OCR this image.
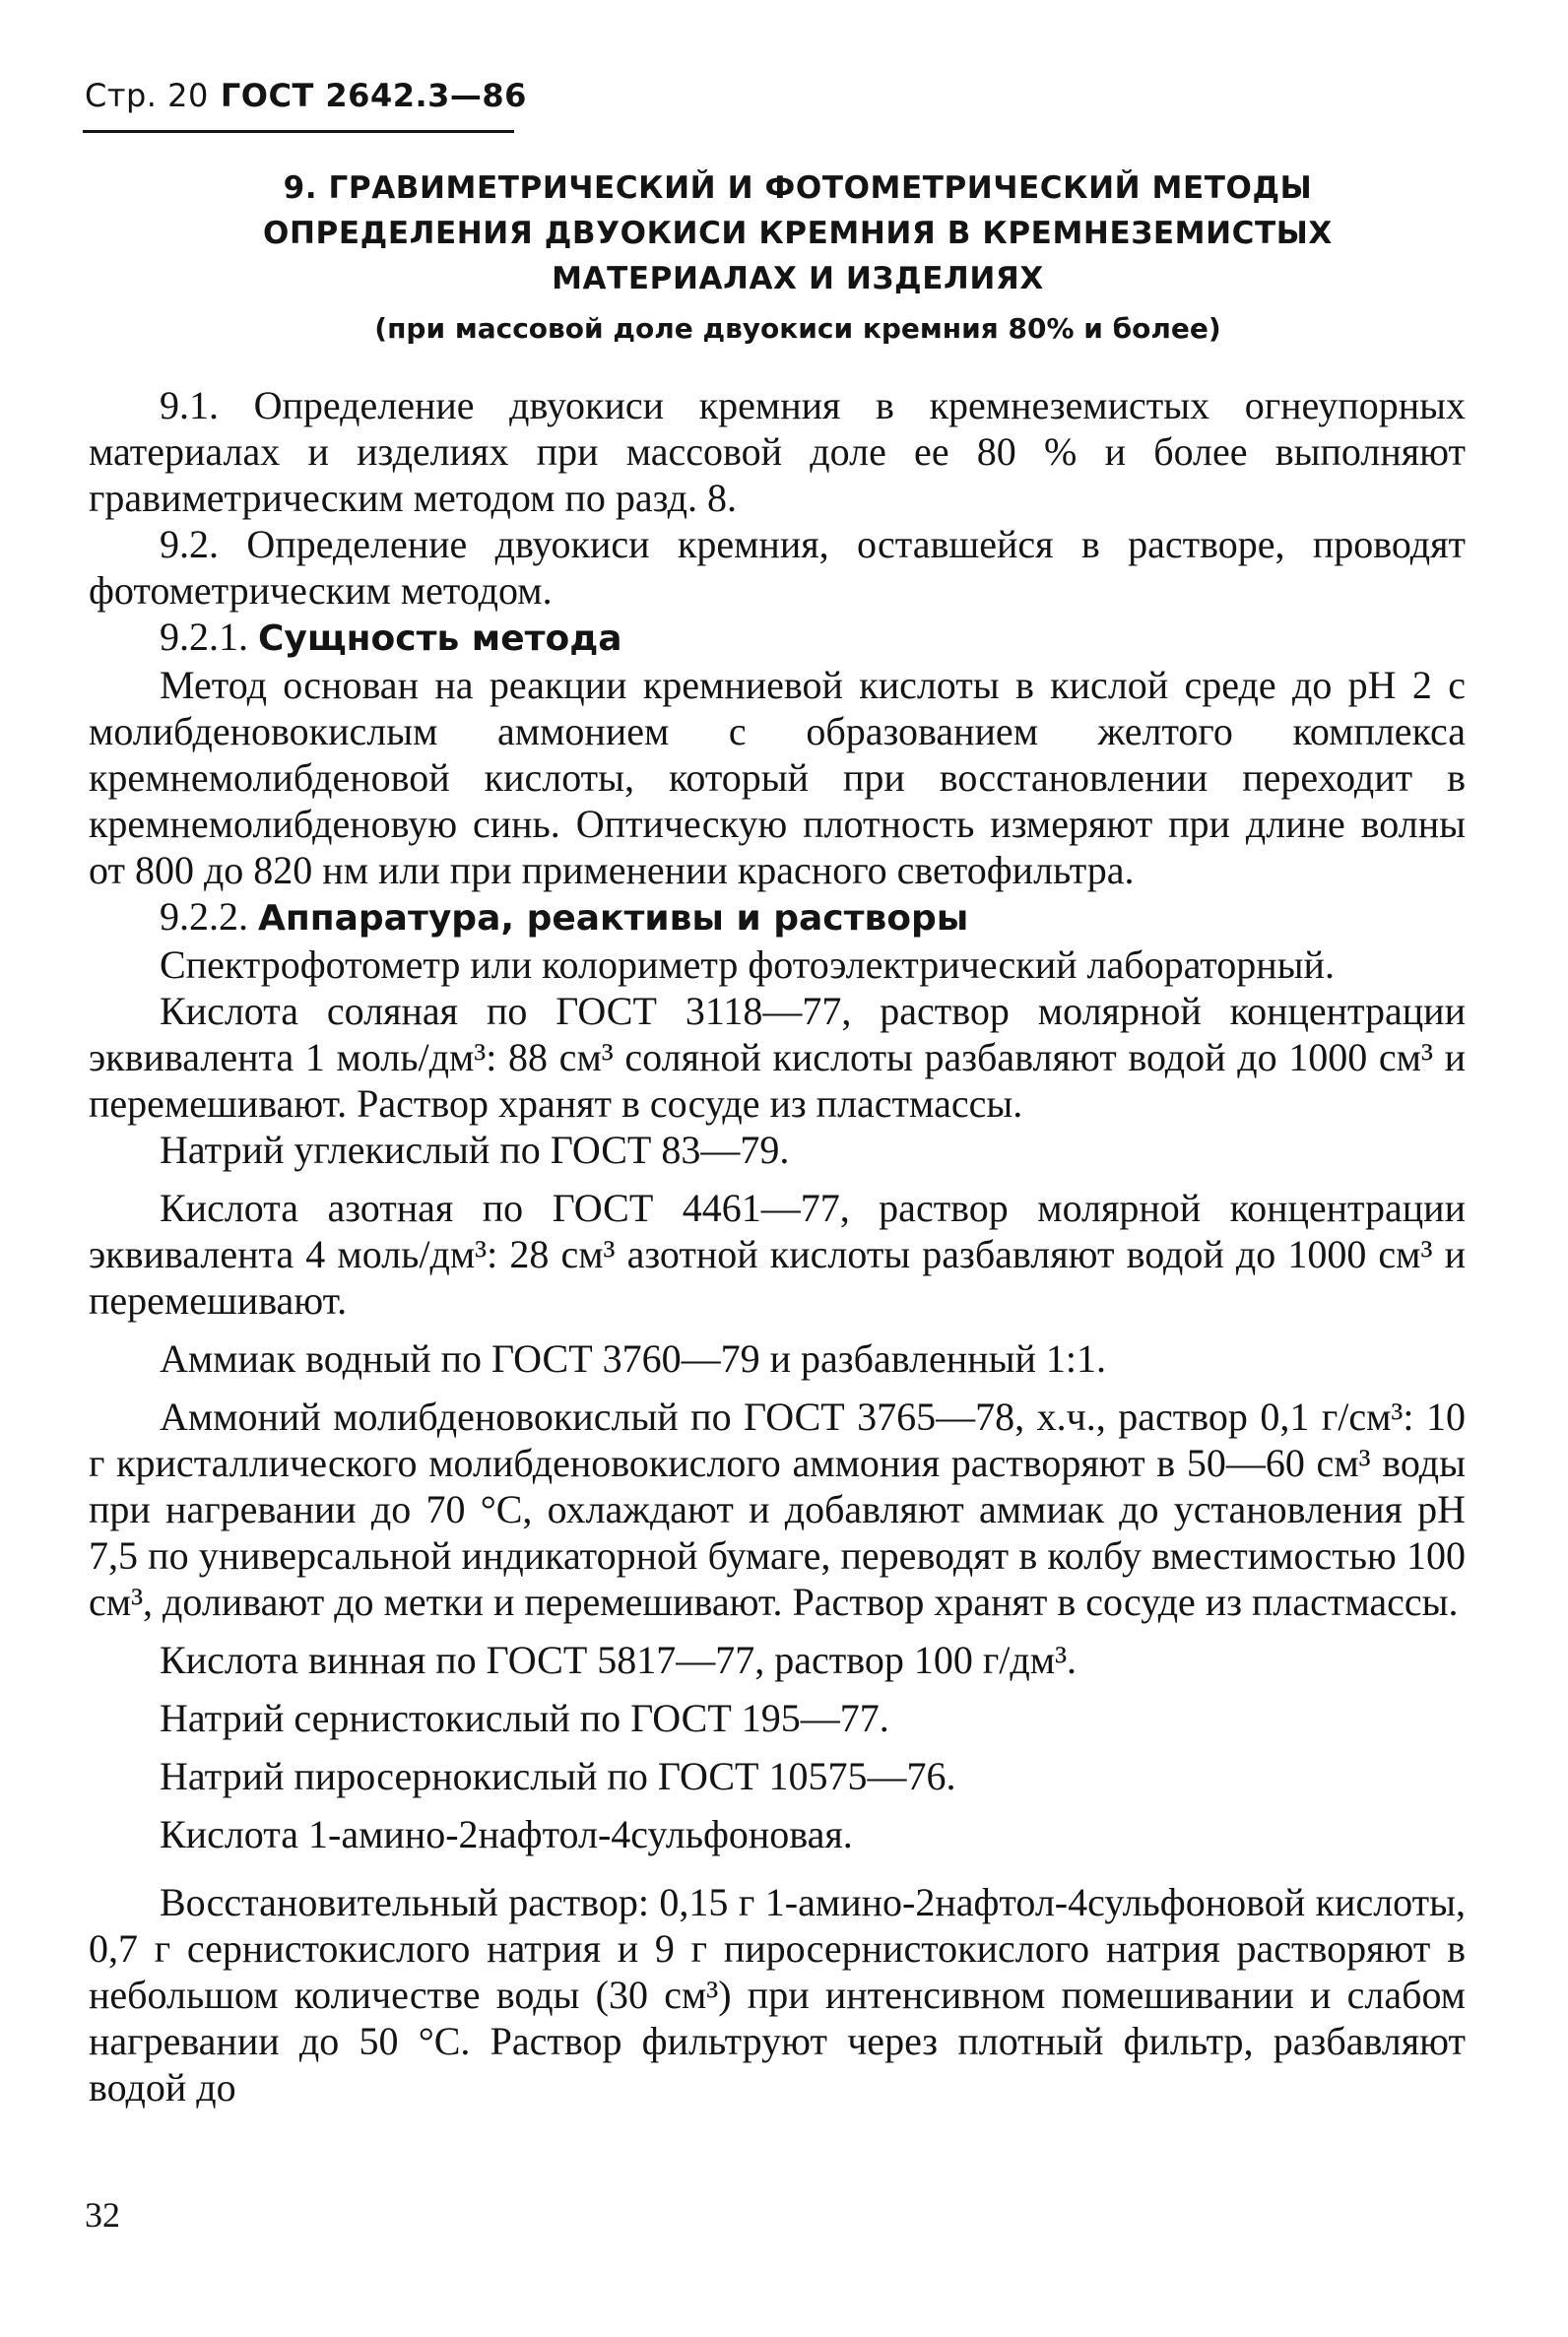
Стр. 20 ГОСТ 2642.3—86
9. ГРАВИМЕТРИЧЕСКИЙ И ФОТОМЕТРИЧЕСКИЙ МЕТОДЫ
ОПРЕДЕЛЕНИЯ ДВУОКИСИ КРЕМНИЯ В КРЕМНЕЗЕМИСТЫХ
МАТЕРИАЛАХ И ИЗДЕЛИЯХ
(при массовой доле двуокиси кремния 80% и более)

9.1. Определение двуокиси кремния в кремнеземистых огнеупорных материалах и изделиях при массовой доле ее 80 % и более выполняют гравиметрическим методом по разд. 8.

9.2. Определение двуокиси кремния, оставшейся в растворе, проводят фотометрическим методом.

9.2.1. Сущность метода

Метод основан на реакции кремниевой кислоты в кислой среде до pH 2 с молибденовокислым аммонием с образованием желтого комплекса кремнемолибденовой кислоты, который при восстановлении переходит в кремнемолибденовую синь. Оптическую плотность измеряют при длине волны от 800 до 820 нм или при применении красного светофильтра.

9.2.2. Аппаратура, реактивы и растворы

Спектрофотометр или колориметр фотоэлектрический лабораторный.

Кислота соляная по ГОСТ 3118—77, раствор молярной концентрации эквивалента 1 моль/дм³: 88 см³ соляной кислоты разбавляют водой до 1000 см³ и перемешивают. Раствор хранят в сосуде из пластмассы.

Натрий углекислый по ГОСТ 83—79.

Кислота азотная по ГОСТ 4461—77, раствор молярной концентрации эквивалента 4 моль/дм³: 28 см³ азотной кислоты разбавляют водой до 1000 см³ и перемешивают.

Аммиак водный по ГОСТ 3760—79 и разбавленный 1:1.

Аммоний молибденовокислый по ГОСТ 3765—78, х.ч., раствор 0,1 г/см³: 10 г кристаллического молибденовокислого аммония растворяют в 50—60 см³ воды при нагревании до 70 °С, охлаждают и добавляют аммиак до установления pH 7,5 по универсальной индикаторной бумаге, переводят в колбу вместимостью 100 см³, доливают до метки и перемешивают. Раствор хранят в сосуде из пластмассы.

Кислота винная по ГОСТ 5817—77, раствор 100 г/дм³.

Натрий сернистокислый по ГОСТ 195—77.

Натрий пиросернокислый по ГОСТ 10575—76.

Кислота 1-амино-2нафтол-4сульфоновая.

Восстановительный раствор: 0,15 г 1-амино-2нафтол-4сульфоновой кислоты, 0,7 г сернистокислого натрия и 9 г пиросернистокислого натрия растворяют в небольшом количестве воды (30 см³) при интенсивном помешивании и слабом нагревании до 50 °С. Раствор фильтруют через плотный фильтр, разбавляют водой до

32
